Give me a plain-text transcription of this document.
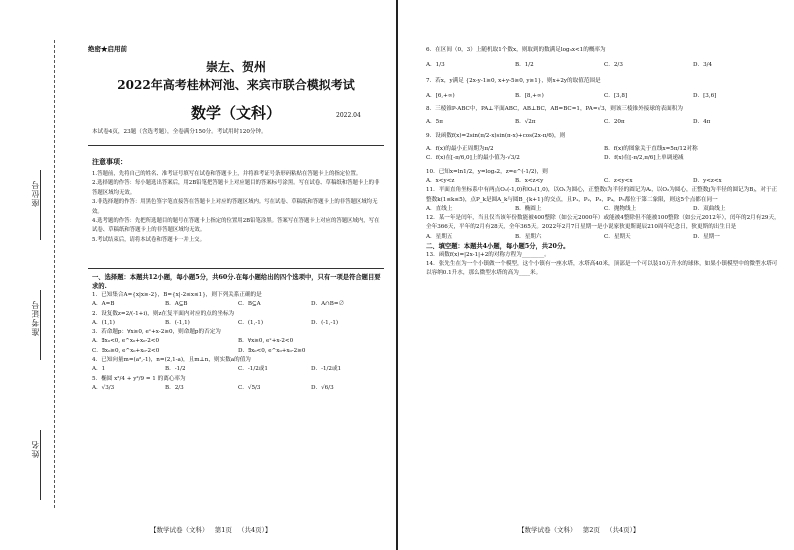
座位号
准考证号
姓名
绝密★启用前
崇左、贺州
2022年高考桂林河池、来宾市联合模拟考试
数学（文科）	2022.04
本试卷4页，23题（含选考题），全卷满分150分。考试用时120分钟。
注意事项：

1.答题前，先将自己的姓名、准考证号填写在试卷和答题卡上，并将准考证号条形码粘贴在答题卡上的指定位置。

2.选择题的作答：每小题选出答案后，用2B铅笔把答题卡上对应题目的答案标号涂黑。写在试卷、草稿纸和答题卡上的非答题区域均无效。

3.非选择题的作答：用黑色签字笔直接答在答题卡上对应的答题区域内。写在试卷、草稿纸和答题卡上的非答题区域均无效。

4.选考题的作答：先把所选题目的题号在答题卡上指定的位置用2B铅笔涂黑。答案写在答题卡上对应的答题区域内，写在试卷、草稿纸和答题卡上的非答题区域均无效。

5.考试结束后，请将本试卷和答题卡一并上交。

一、选择题：本题共12小题，每小题5分，共60分.在每小题给出的四个选项中，只有一项是符合题目要求的.
1．已知集合A={x|x≥-2}，B={x|-2≤x≤1}，则下列关系正确的是
A．A=B	B．A⊆B	C．B⊆A	D．A∩B=∅
2．设复数z=2/(-1+i)，则z在复平面内对应的点的坐标为
A．(1,1)	B．(-1,1)	C．(1,-1)	D．(-1,-1)
3．若命题p：∀x≥0, eˣ+x-2≥0，则命题p的否定为
A．∃x₀<0, e^x₀+x₀-2<0	B．∀x≥0, eˣ+x-2<0
C．∃x₀≥0, e^x₀+x₀-2<0	D．∃x₀<0, e^x₀+x₀-2≥0
4．已知向量m=(a²,-1)，n=(2,1-a)，且m⊥n，则实数a的值为
A．1	B．-1/2	C．-1/2或1	D．-1/2或1
5．椭圆 x²/4 + y²/9 = 1 的离心率为
A．√3/3	B．2/3	C．√5/3	D．√6/3
【数学试卷（文科）   第1页   （共4页）】
6．在区间（0，3）上随机取1个数x，则取到的数满足log₃x<1的概率为
A．1/3	B．1/2	C．2/3	D．3/4
7．若x，y满足 {2x-y-1≥0, x+y-5≥0, y≥1}，则x+2y的取值范围是
A．[6,+∞)	B．[8,+∞)	C．[3,8]	D．[3,6]
8．三棱锥P-ABC中，PA⊥平面ABC，AB⊥BC，AB=BC=1，PA=√3，则该三棱锥外接球的表面积为
A．5π	B．√2π	C．20π	D．4π
9．设函数f(x)=2sin(π/2-x)sin(π-x)+cos(2x-π/6)，则
A．f(x)的最小正周期为π/2	B．f(x)的图象关于直线x=5π/12对称
C．f(x)在[-π/6,0]上的最小值为-√3/2	D．f(x)在[-π/2,π/6]上单调递减
10．已知x=ln1/2，y=log₃2，z=e^(-1/2)，则
A．x<y<z	B．x<z<y	C．z<y<x	D．y<z<x
11．平面直角坐标系中有两点O₁(-1,0)和O₂(1,0)，以O₁为圆心，正整数i为半径的圆记为Aᵢ，以O₂为圆心，正整数j为半径的圆记为Bⱼ，对于正整数k(1≤k≤5)，点P_k是圆A_k与圆B_{k+1}的交点，且P₁，P₂，P₃，P₄，P₅都位于第二象限，则这5个点都在同一
A．直线上	B．椭圆上	C．抛物线上	D．双曲线上
12．某一年是闰年，当且仅当该年份数能被400整除（如公元2000年）或能被4整除但不能被100整除（如公元2012年），闰年的2月有29天，全年366天，平年的2月有28天，全年365天。2022年2月7日星期一是小说家狄更斯诞辰210周年纪念日，狄更斯的出生日是
A．星期五	B．星期六	C．星期天	D．星期一
二、填空题：本题共4小题，每小题5分，共20分。
13．函数f(x)=|2x-1|+2的对称方程为________。
14．张先生在为一个小镇做一个模型，这个小镇有一座水塔，水塔高40米，顶部是一个可以装10万升水的球体，如果小镇模型中的微型水塔可以容纳0.1升水，那么微型水塔的高为____米。
【数学试卷（文科）   第2页   （共4页）】
